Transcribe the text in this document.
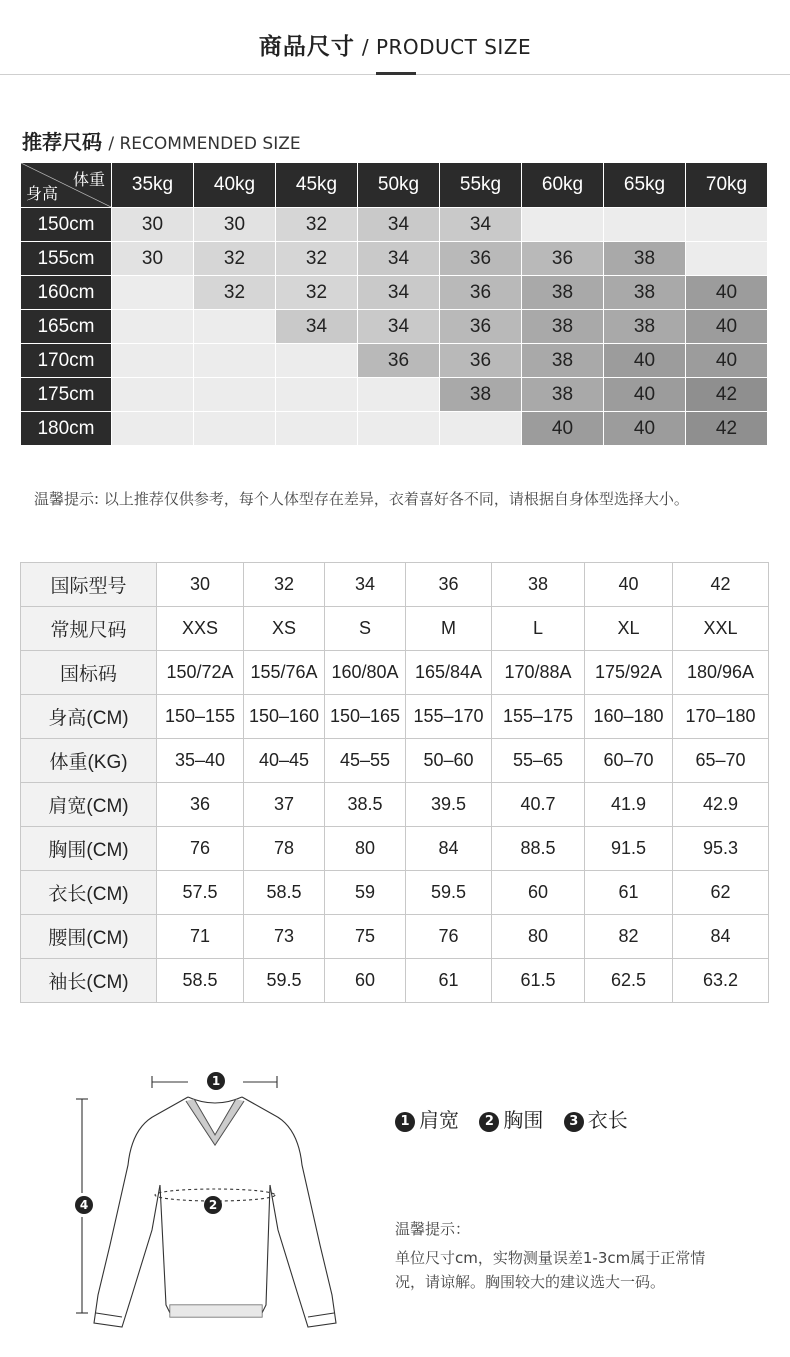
商品尺寸 / PRODUCT SIZE
推荐尺码 / RECOMMENDED SIZE
体重
身高	35kg	40kg	45kg	50kg	55kg	60kg	65kg	70kg
150cm	30	30	32	34	34			
155cm	30	32	32	34	36	36	38	
160cm		32	32	34	36	38	38	40
165cm			34	34	36	38	38	40
170cm				36	36	38	40	40
175cm					38	38	40	42
180cm						40	40	42
温馨提示: 以上推荐仅供参考，每个人体型存在差异，衣着喜好各不同，请根据自身体型选择大小。
国际型号	30	32	34	36	38	40	42
常规尺码	XXS	XS	S	M	L	XL	XXL
国标码	150/72A	155/76A	160/80A	165/84A	170/88A	175/92A	180/96A
身高(CM)	150–155	150–160	150–165	155–170	155–175	160–180	170–180
体重(KG)	35–40	40–45	45–55	50–60	55–65	60–70	65–70
肩宽(CM)	36	37	38.5	39.5	40.7	41.9	42.9
胸围(CM)	76	78	80	84	88.5	91.5	95.3
衣长(CM)	57.5	58.5	59	59.5	60	61	62
腰围(CM)	71	73	75	76	80	82	84
袖长(CM)	58.5	59.5	60	61	61.5	62.5	63.2
1
2
4
1 肩宽 2 胸围 3 衣长
温馨提示：
单位尺寸cm，实物测量误差1-3cm属于正常情况，请谅解。胸围较大的建议选大一码。
